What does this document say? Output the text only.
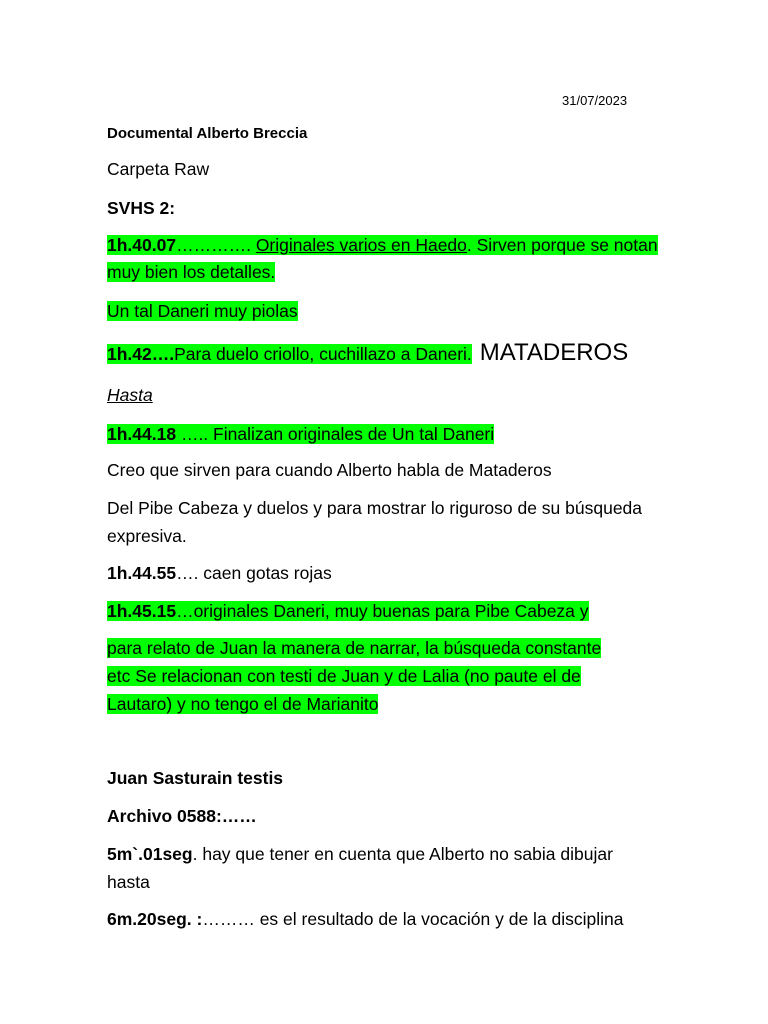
31/07/2023
Documental Alberto Breccia
Carpeta Raw
SVHS 2:
1h.40.07…………. Originales varios en Haedo. Sirven porque se notan
muy bien los detalles.
Un tal Daneri muy piolas
1h.42….Para duelo criollo, cuchillazo a Daneri. MATADEROS
Hasta
1h.44.18 ….. Finalizan originales de Un tal Daneri
Creo que sirven para cuando Alberto habla de Mataderos
Del Pibe Cabeza y duelos y para mostrar lo riguroso de su búsqueda
expresiva.
1h.44.55…. caen gotas rojas
1h.45.15…originales Daneri, muy buenas para Pibe Cabeza y
para relato de Juan la manera de narrar, la búsqueda constante
etc Se relacionan con testi de Juan y de Lalia (no paute el de
Lautaro) y no tengo el de Marianito
Juan Sasturain testis
Archivo 0588:……
5m`.01seg. hay que tener en cuenta que Alberto no sabia dibujar
hasta
6m.20seg. :……… es el resultado de la vocación y de la disciplina
